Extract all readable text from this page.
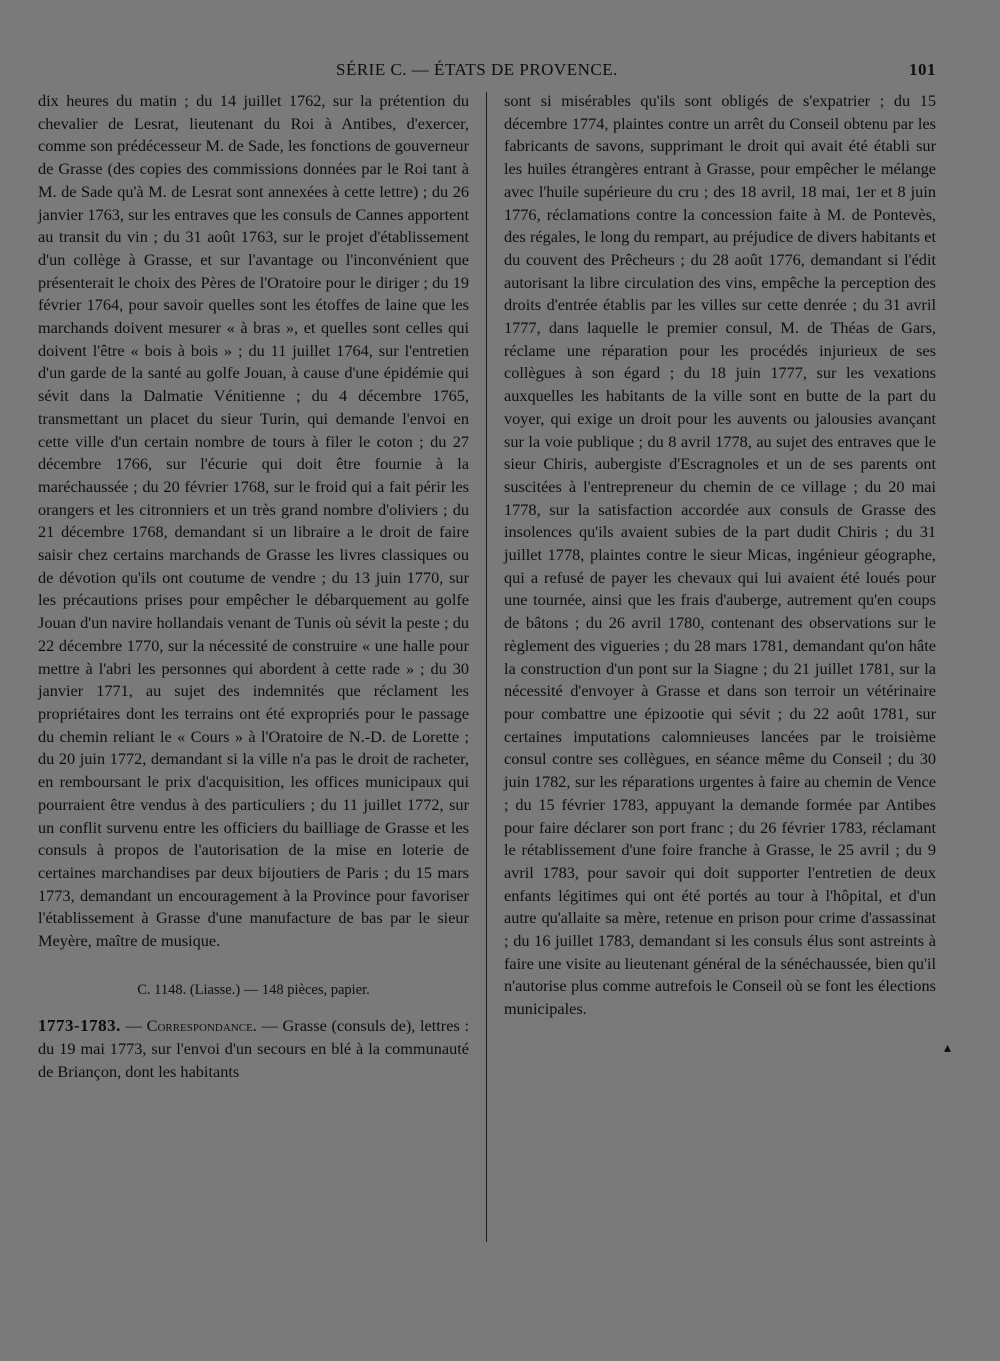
SÉRIE C. — ÉTATS DE PROVENCE.	101
dix heures du matin ; du 14 juillet 1762, sur la prétention du chevalier de Lesrat, lieutenant du Roi à Antibes, d'exercer, comme son prédécesseur M. de Sade, les fonctions de gouverneur de Grasse (des copies des commissions données par le Roi tant à M. de Sade qu'à M. de Lesrat sont annexées à cette lettre) ; du 26 janvier 1763, sur les entraves que les consuls de Cannes apportent au transit du vin ; du 31 août 1763, sur le projet d'établissement d'un collège à Grasse, et sur l'avantage ou l'inconvénient que présenterait le choix des Pères de l'Oratoire pour le diriger ; du 19 février 1764, pour savoir quelles sont les étoffes de laine que les marchands doivent mesurer « à bras », et quelles sont celles qui doivent l'être « bois à bois » ; du 11 juillet 1764, sur l'entretien d'un garde de la santé au golfe Jouan, à cause d'une épidémie qui sévit dans la Dalmatie Vénitienne ; du 4 décembre 1765, transmettant un placet du sieur Turin, qui demande l'envoi en cette ville d'un certain nombre de tours à filer le coton ; du 27 décembre 1766, sur l'écurie qui doit être fournie à la maréchaussée ; du 20 février 1768, sur le froid qui a fait périr les orangers et les citronniers et un très grand nombre d'oliviers ; du 21 décembre 1768, demandant si un libraire a le droit de faire saisir chez certains marchands de Grasse les livres classiques ou de dévotion qu'ils ont coutume de vendre ; du 13 juin 1770, sur les précautions prises pour empêcher le débarquement au golfe Jouan d'un navire hollandais venant de Tunis où sévit la peste ; du 22 décembre 1770, sur la nécessité de construire « une halle pour mettre à l'abri les personnes qui abordent à cette rade » ; du 30 janvier 1771, au sujet des indemnités que réclament les propriétaires dont les terrains ont été expropriés pour le passage du chemin reliant le « Cours » à l'Oratoire de N.-D. de Lorette ; du 20 juin 1772, demandant si la ville n'a pas le droit de racheter, en remboursant le prix d'acquisition, les offices municipaux qui pourraient être vendus à des particuliers ; du 11 juillet 1772, sur un conflit survenu entre les officiers du bailliage de Grasse et les consuls à propos de l'autorisation de la mise en loterie de certaines marchandises par deux bijoutiers de Paris ; du 15 mars 1773, demandant un encouragement à la Province pour favoriser l'établissement à Grasse d'une manufacture de bas par le sieur Meyère, maître de musique.
C. 1148. (Liasse.) — 148 pièces, papier.
1773-1783. — Correspondance. — Grasse (consuls de), lettres : du 19 mai 1773, sur l'envoi d'un secours en blé à la communauté de Briançon, dont les habitants
sont si misérables qu'ils sont obligés de s'expatrier ; du 15 décembre 1774, plaintes contre un arrêt du Conseil obtenu par les fabricants de savons, supprimant le droit qui avait été établi sur les huiles étrangères entrant à Grasse, pour empêcher le mélange avec l'huile supérieure du cru ; des 18 avril, 18 mai, 1er et 8 juin 1776, réclamations contre la concession faite à M. de Pontevès, des régales, le long du rempart, au préjudice de divers habitants et du couvent des Prêcheurs ; du 28 août 1776, demandant si l'édit autorisant la libre circulation des vins, empêche la perception des droits d'entrée établis par les villes sur cette denrée ; du 31 avril 1777, dans laquelle le premier consul, M. de Théas de Gars, réclame une réparation pour les procédés injurieux de ses collègues à son égard ; du 18 juin 1777, sur les vexations auxquelles les habitants de la ville sont en butte de la part du voyer, qui exige un droit pour les auvents ou jalousies avançant sur la voie publique ; du 8 avril 1778, au sujet des entraves que le sieur Chiris, aubergiste d'Escragnoles et un de ses parents ont suscitées à l'entrepreneur du chemin de ce village ; du 20 mai 1778, sur la satisfaction accordée aux consuls de Grasse des insolences qu'ils avaient subies de la part dudit Chiris ; du 31 juillet 1778, plaintes contre le sieur Micas, ingénieur géographe, qui a refusé de payer les chevaux qui lui avaient été loués pour une tournée, ainsi que les frais d'auberge, autrement qu'en coups de bâtons ; du 26 avril 1780, contenant des observations sur le règlement des vigueries ; du 28 mars 1781, demandant qu'on hâte la construction d'un pont sur la Siagne ; du 21 juillet 1781, sur la nécessité d'envoyer à Grasse et dans son terroir un vétérinaire pour combattre une épizootie qui sévit ; du 22 août 1781, sur certaines imputations calomnieuses lancées par le troisième consul contre ses collègues, en séance même du Conseil ; du 30 juin 1782, sur les réparations urgentes à faire au chemin de Vence ; du 15 février 1783, appuyant la demande formée par Antibes pour faire déclarer son port franc ; du 26 février 1783, réclamant le rétablissement d'une foire franche à Grasse, le 25 avril ; du 9 avril 1783, pour savoir qui doit supporter l'entretien de deux enfants légitimes qui ont été portés au tour à l'hôpital, et d'un autre qu'allaite sa mère, retenue en prison pour crime d'assassinat ; du 16 juillet 1783, demandant si les consuls élus sont astreints à faire une visite au lieutenant général de la sénéchaussée, bien qu'il n'autorise plus comme autrefois le Conseil où se font les élections municipales.
▴
